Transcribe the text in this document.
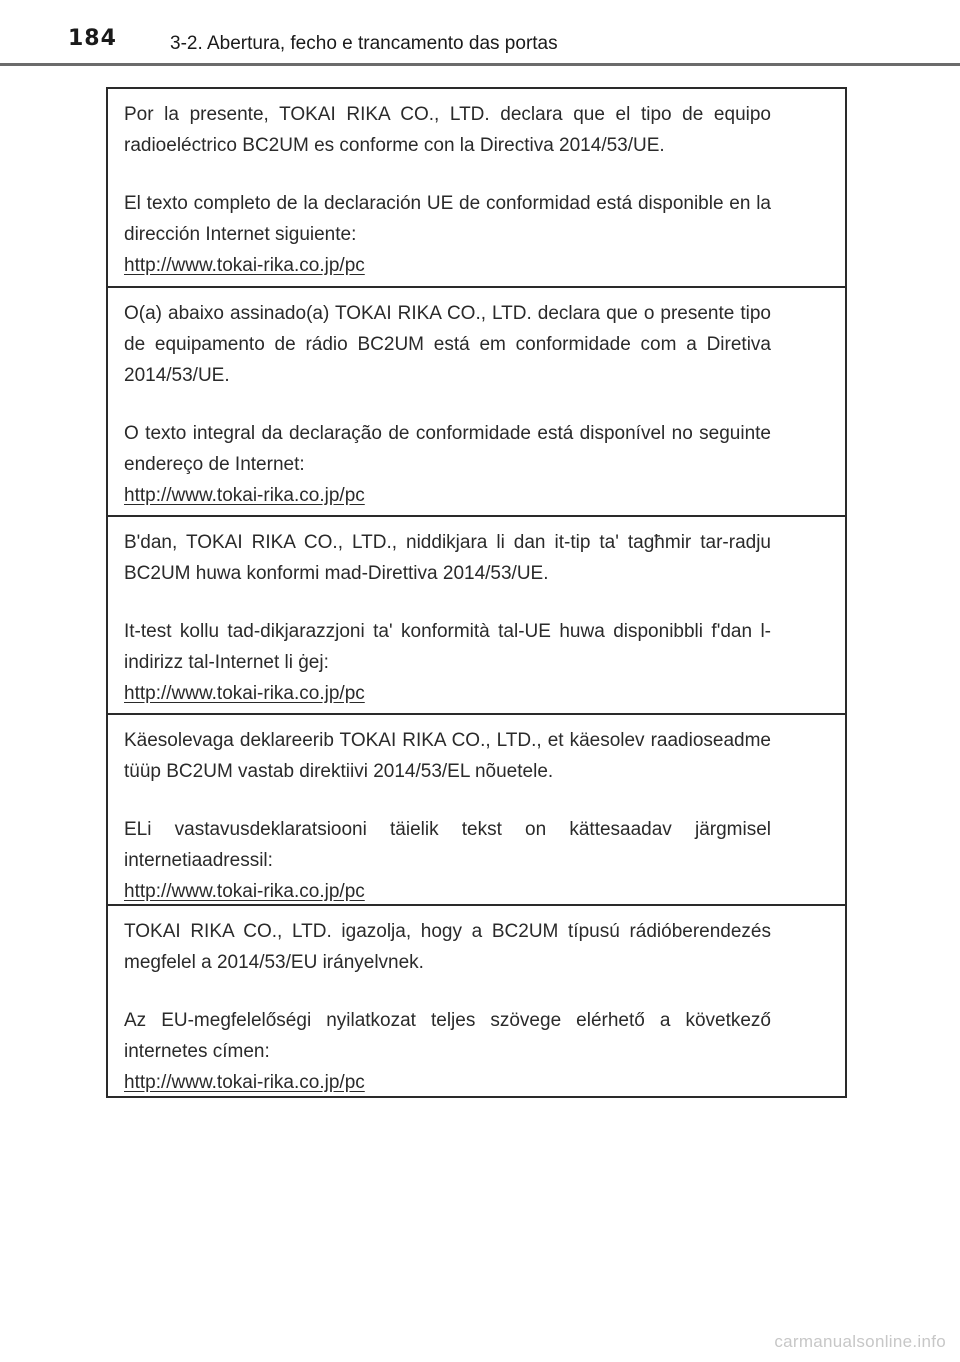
184	3-2. Abertura, fecho e trancamento das portas

Por la presente, TOKAI RIKA CO., LTD. declara que el tipo de equipo radioeléctrico BC2UM es conforme con la Directiva 2014/53/UE.

El texto completo de la declaración UE de conformidad está disponible en la dirección Internet siguiente:

http://www.tokai-rika.co.jp/pc

O(a) abaixo assinado(a) TOKAI RIKA CO., LTD. declara que o presente tipo de equipamento de rádio BC2UM está em conformidade com a Diretiva 2014/53/UE.

O texto integral da declaração de conformidade está disponível no seguinte endereço de Internet:

http://www.tokai-rika.co.jp/pc

B'dan, TOKAI RIKA CO., LTD., niddikjara li dan it-tip ta' tagħmir tar-radju BC2UM huwa konformi mad-Direttiva 2014/53/UE.

It-test kollu tad-dikjarazzjoni ta' konformità tal-UE huwa disponibbli f'dan l-indirizz tal-Internet li ġej:

http://www.tokai-rika.co.jp/pc

Käesolevaga deklareerib TOKAI RIKA CO., LTD., et käesolev raadioseadme tüüp BC2UM vastab direktiivi 2014/53/EL nõuetele.

ELi vastavusdeklaratsiooni täielik tekst on kättesaadav järgmisel internetiaadressil:

http://www.tokai-rika.co.jp/pc

TOKAI RIKA CO., LTD. igazolja, hogy a BC2UM típusú rádióberendezés megfelel a 2014/53/EU irányelvnek.

Az EU-megfelelőségi nyilatkozat teljes szövege elérhető a következő internetes címen:

http://www.tokai-rika.co.jp/pc
carmanualsonline.info
